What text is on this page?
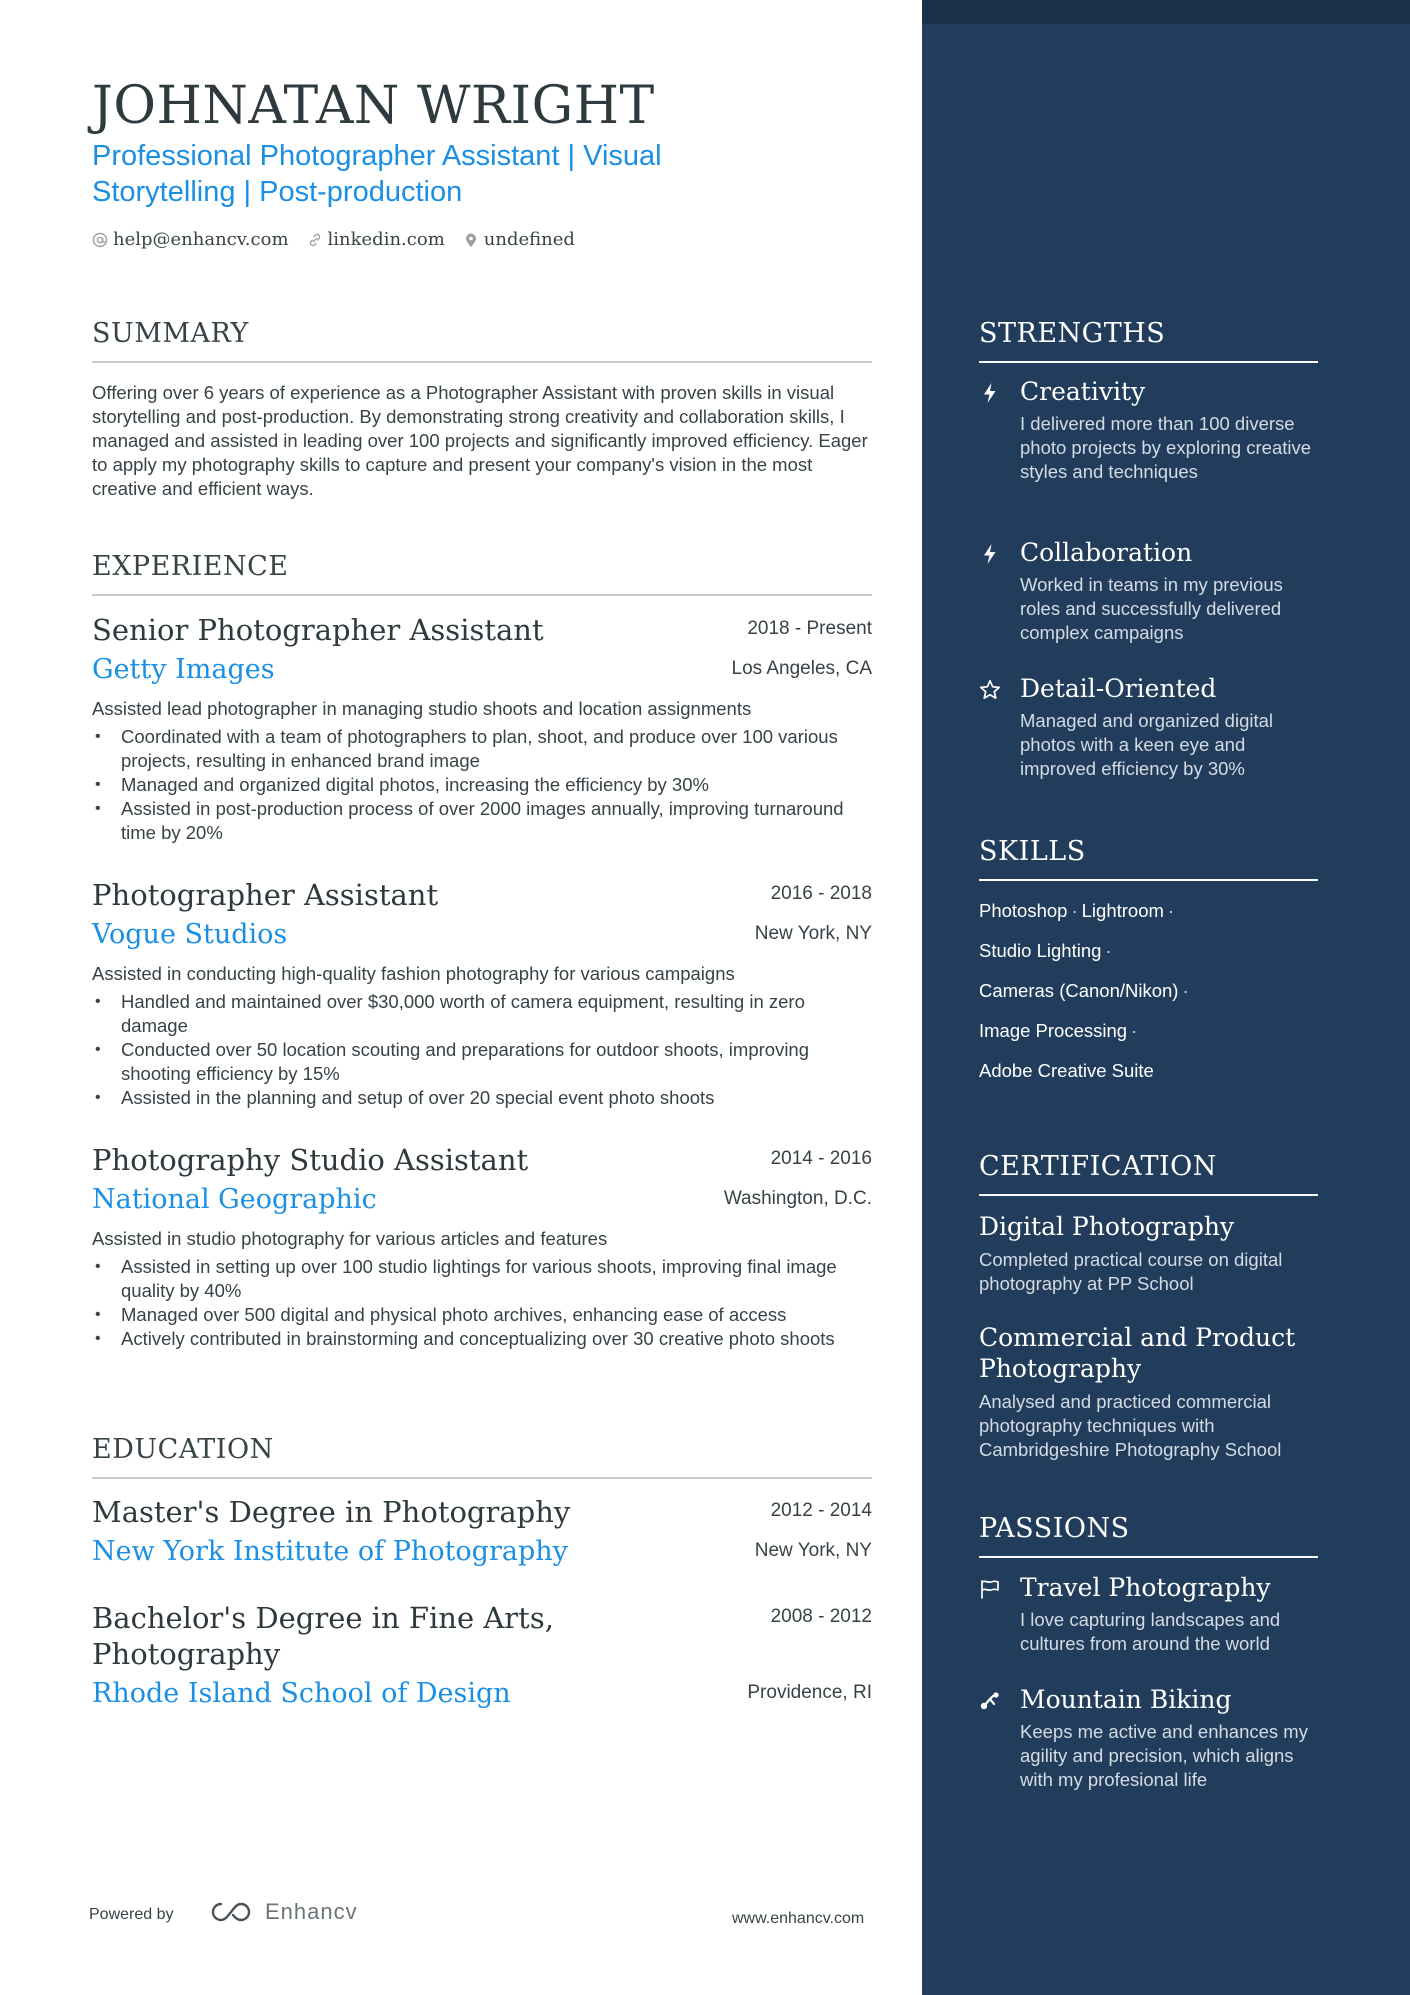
JOHNATAN WRIGHT
Professional Photographer Assistant | Visual Storytelling | Post-production
help@enhancv.com linkedin.com undefined
SUMMARY

Offering over 6 years of experience as a Photographer Assistant with proven skills in visual storytelling and post-production. By demonstrating strong creativity and collaboration skills, I managed and assisted in leading over 100 projects and significantly improved efficiency. Eager to apply my photography skills to capture and present your company's vision in the most creative and efficient ways.

EXPERIENCE
Senior Photographer Assistant	2018 - Present
Getty Images	Los Angeles, CA
Assisted lead photographer in managing studio shoots and location assignments
• Coordinated with a team of photographers to plan, shoot, and produce over 100 various projects, resulting in enhanced brand image
• Managed and organized digital photos, increasing the efficiency by 30%
• Assisted in post-production process of over 2000 images annually, improving turnaround time by 20%
Photographer Assistant	2016 - 2018
Vogue Studios	New York, NY
Assisted in conducting high-quality fashion photography for various campaigns
• Handled and maintained over $30,000 worth of camera equipment, resulting in zero damage
• Conducted over 50 location scouting and preparations for outdoor shoots, improving shooting efficiency by 15%
• Assisted in the planning and setup of over 20 special event photo shoots
Photography Studio Assistant	2014 - 2016
National Geographic	Washington, D.C.
Assisted in studio photography for various articles and features
• Assisted in setting up over 100 studio lightings for various shoots, improving final image quality by 40%
• Managed over 500 digital and physical photo archives, enhancing ease of access
• Actively contributed in brainstorming and conceptualizing over 30 creative photo shoots
EDUCATION
Master's Degree in Photography	2012 - 2014
New York Institute of Photography	New York, NY
Bachelor's Degree in Fine Arts, Photography
2008 - 2012
Rhode Island School of Design	Providence, RI
Powered by	Enhancv	www.enhancv.com
STRENGTHS
Creativity
I delivered more than 100 diverse photo projects by exploring creative styles and techniques
Collaboration
Worked in teams in my previous roles and successfully delivered complex campaigns
Detail-Oriented
Managed and organized digital photos with a keen eye and improved efficiency by 30%
SKILLS
Photoshop · Lightroom ·
Studio Lighting ·
Cameras (Canon/Nikon) ·
Image Processing ·
Adobe Creative Suite
CERTIFICATION
Digital Photography
Completed practical course on digital photography at PP School
Commercial and Product Photography
Analysed and practiced commercial photography techniques with Cambridgeshire Photography School
PASSIONS
Travel Photography
I love capturing landscapes and cultures from around the world
Mountain Biking
Keeps me active and enhances my agility and precision, which aligns with my profesional life
